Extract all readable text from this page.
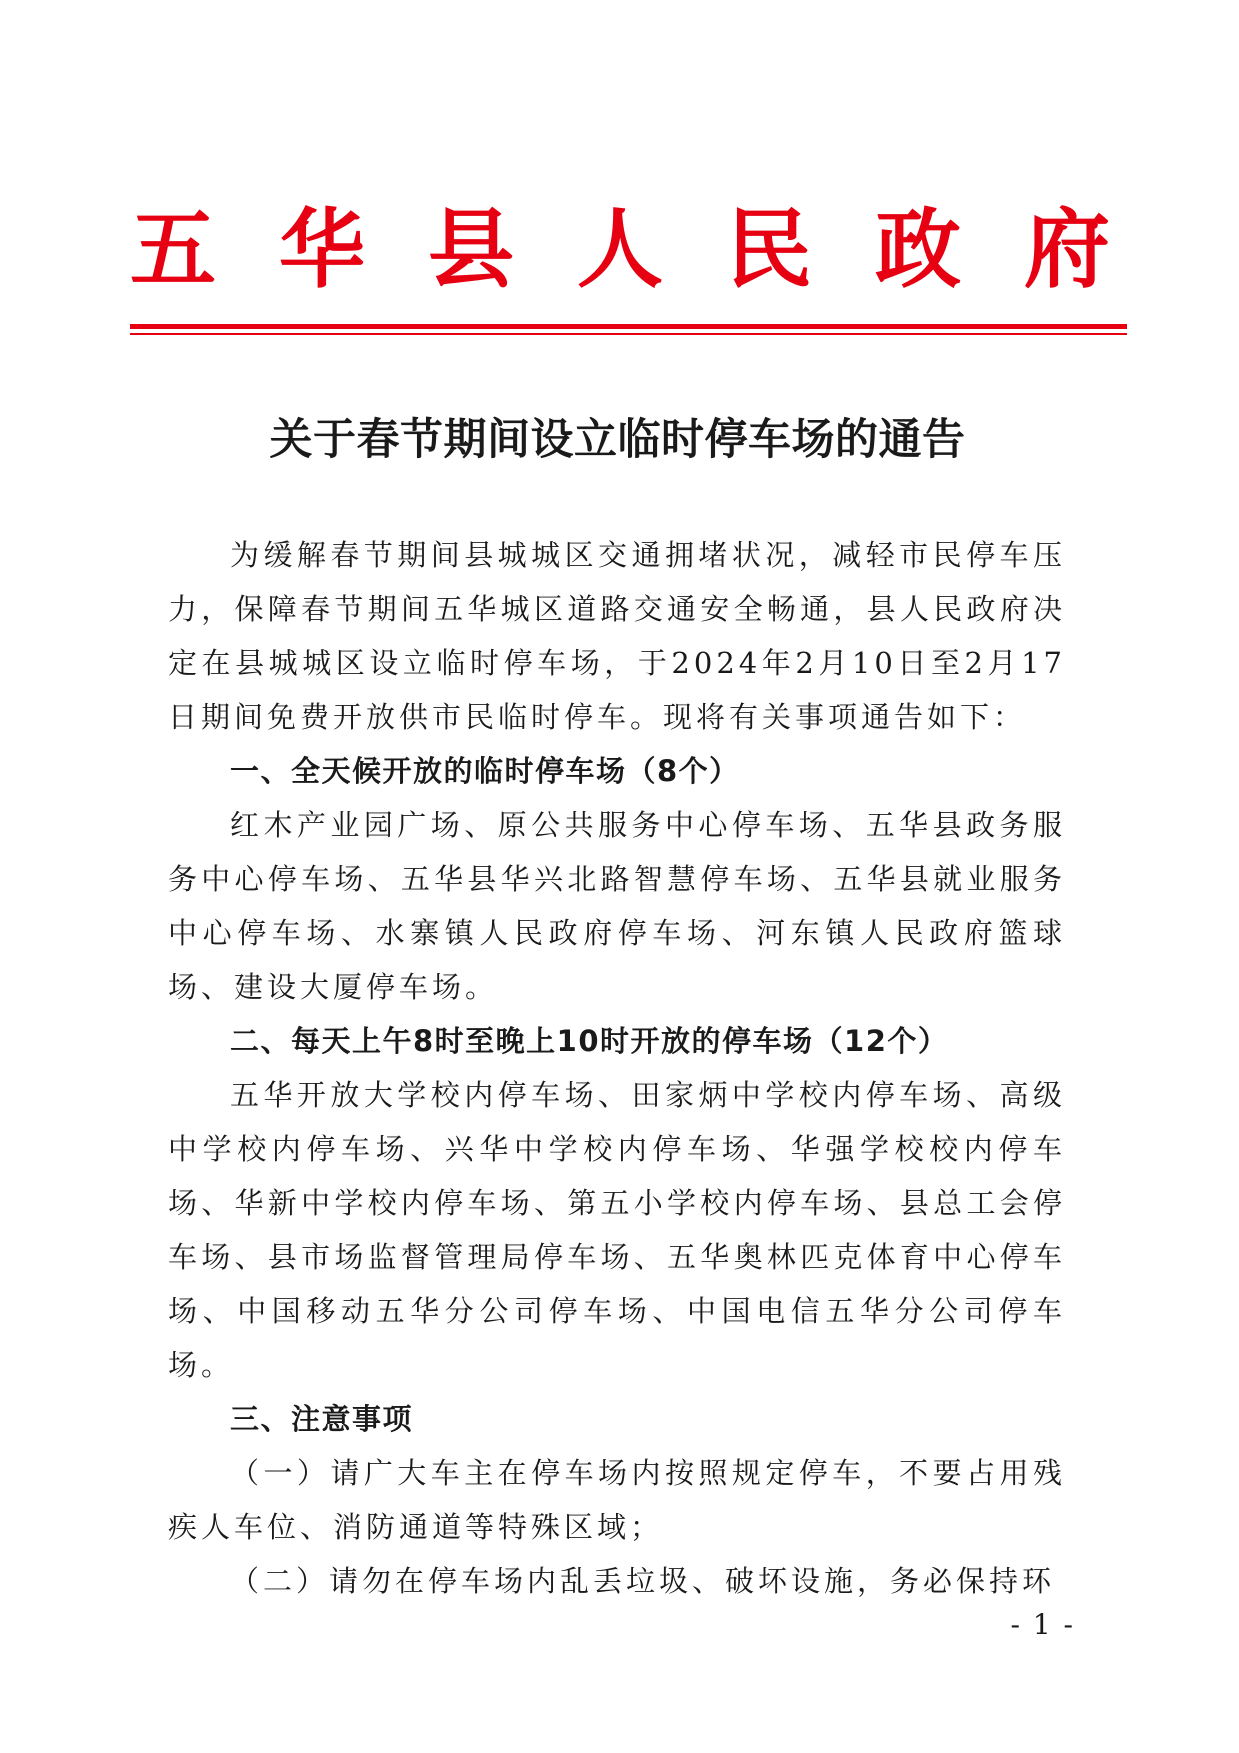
五 华 县 人 民 政 府
关于春节期间设立临时停车场的通告

为缓解春节期间县城城区交通拥堵状况，减轻市民停车压力，保障春节期间五华城区道路交通安全畅通，县人民政府决定在县城城区设立临时停车场，于2024年2月10日至2月17日期间免费开放供市民临时停车。现将有关事项通告如下：

一、全天候开放的临时停车场（8个）

红木产业园广场、原公共服务中心停车场、五华县政务服务中心停车场、五华县华兴北路智慧停车场、五华县就业服务中心停车场、水寨镇人民政府停车场、河东镇人民政府篮球场、建设大厦停车场。

二、每天上午8时至晚上10时开放的停车场（12个）

五华开放大学校内停车场、田家炳中学校内停车场、高级中学校内停车场、兴华中学校内停车场、华强学校校内停车场、华新中学校内停车场、第五小学校内停车场、县总工会停车场、县市场监督管理局停车场、五华奥林匹克体育中心停车场、中国移动五华分公司停车场、中国电信五华分公司停车场。

三、注意事项

（一）请广大车主在停车场内按照规定停车，不要占用残疾人车位、消防通道等特殊区域；

（二）请勿在停车场内乱丢垃圾、破坏设施，务必保持环

- 1 -
